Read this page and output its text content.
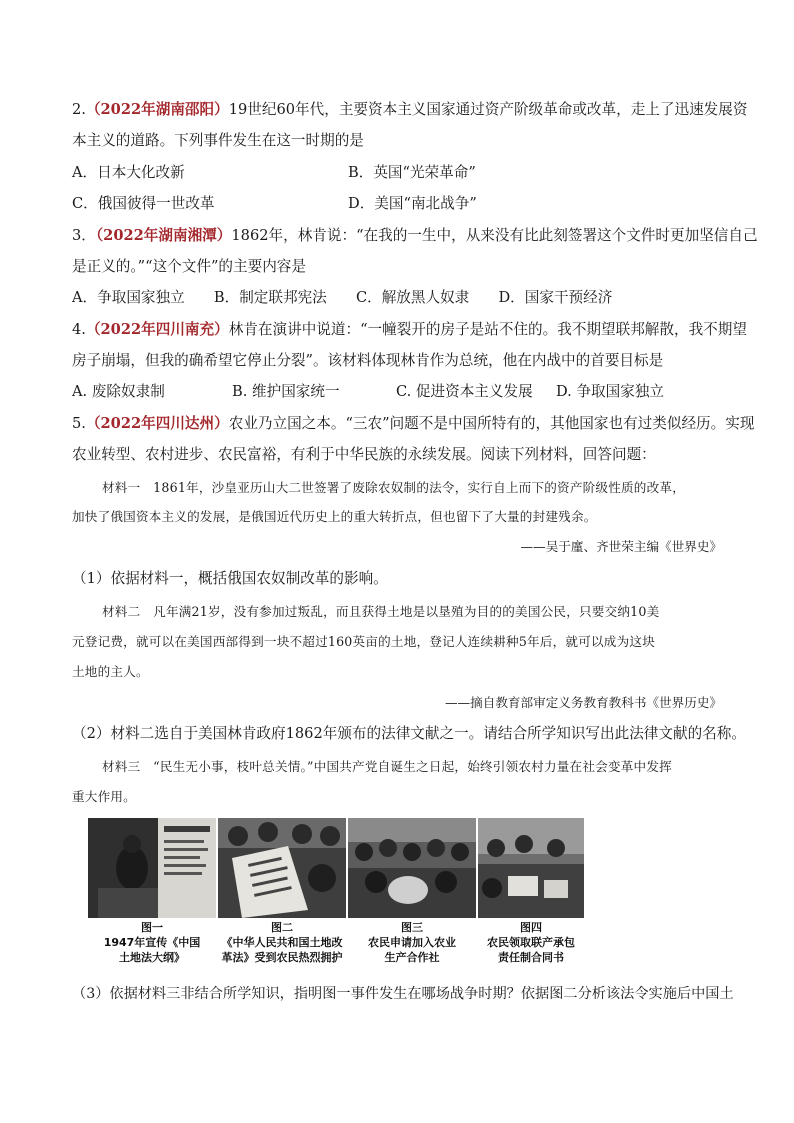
2.（2022年湖南邵阳）19世纪60年代，主要资本主义国家通过资产阶级革命或改革，走上了迅速发展资
本主义的道路。下列事件发生在这一时期的是
A．日本大化改新	B．英国“光荣革命”
C．俄国彼得一世改革	D．美国“南北战争”
3．（2022年湖南湘潭）1862年，林肯说：“在我的一生中，从来没有比此刻签署这个文件时更加坚信自己
是正义的。”“这个文件”的主要内容是
A．争取国家独立　　B．制定联邦宪法　　C．解放黑人奴隶　　D．国家干预经济
4.（2022年四川南充）林肯在演讲中说道：“一幢裂开的房子是站不住的。我不期望联邦解散，我不期望
房子崩塌，但我的确希望它停止分裂”。该材料体现林肯作为总统，他在内战中的首要目标是
A. 废除奴隶制	B. 维护国家统一	C. 促进资本主义发展 D. 争取国家独立
5.（2022年四川达州）农业乃立国之本。“三农”问题不是中国所特有的，其他国家也有过类似经历。实现
农业转型、农村进步、农民富裕，有利于中华民族的永续发展。阅读下列材料，回答问题：
材料一　1861年，沙皇亚历山大二世签署了废除农奴制的法令，实行自上而下的资产阶级性质的改革，
加快了俄国资本主义的发展，是俄国近代历史上的重大转折点，但也留下了大量的封建残余。
——吴于廑、齐世荣主编《世界史》
（1）依据材料一，概括俄国农奴制改革的影响。
材料二　凡年满21岁，没有参加过叛乱，而且获得土地是以垦殖为目的的美国公民，只要交纳10美
元登记费，就可以在美国西部得到一块不超过160英亩的土地，登记人连续耕种5年后，就可以成为这块
土地的主人。
——摘自教育部审定义务教育教科书《世界历史》
（2）材料二选自于美国林肯政府1862年颁布的法律文献之一。请结合所学知识写出此法律文献的名称。
材料三　“民生无小事，枝叶总关情。”中国共产党自诞生之日起，始终引领农村力量在社会变革中发挥
重大作用。
图一
1947年宣传《中国
土地法大纲》
图二
《中华人民共和国土地改
革法》受到农民热烈拥护
图三
农民申请加入农业
生产合作社
图四
农民领取联产承包
责任制合同书
（3）依据材料三非结合所学知识，指明图一事件发生在哪场战争时期？依据图二分析该法令实施后中国土
